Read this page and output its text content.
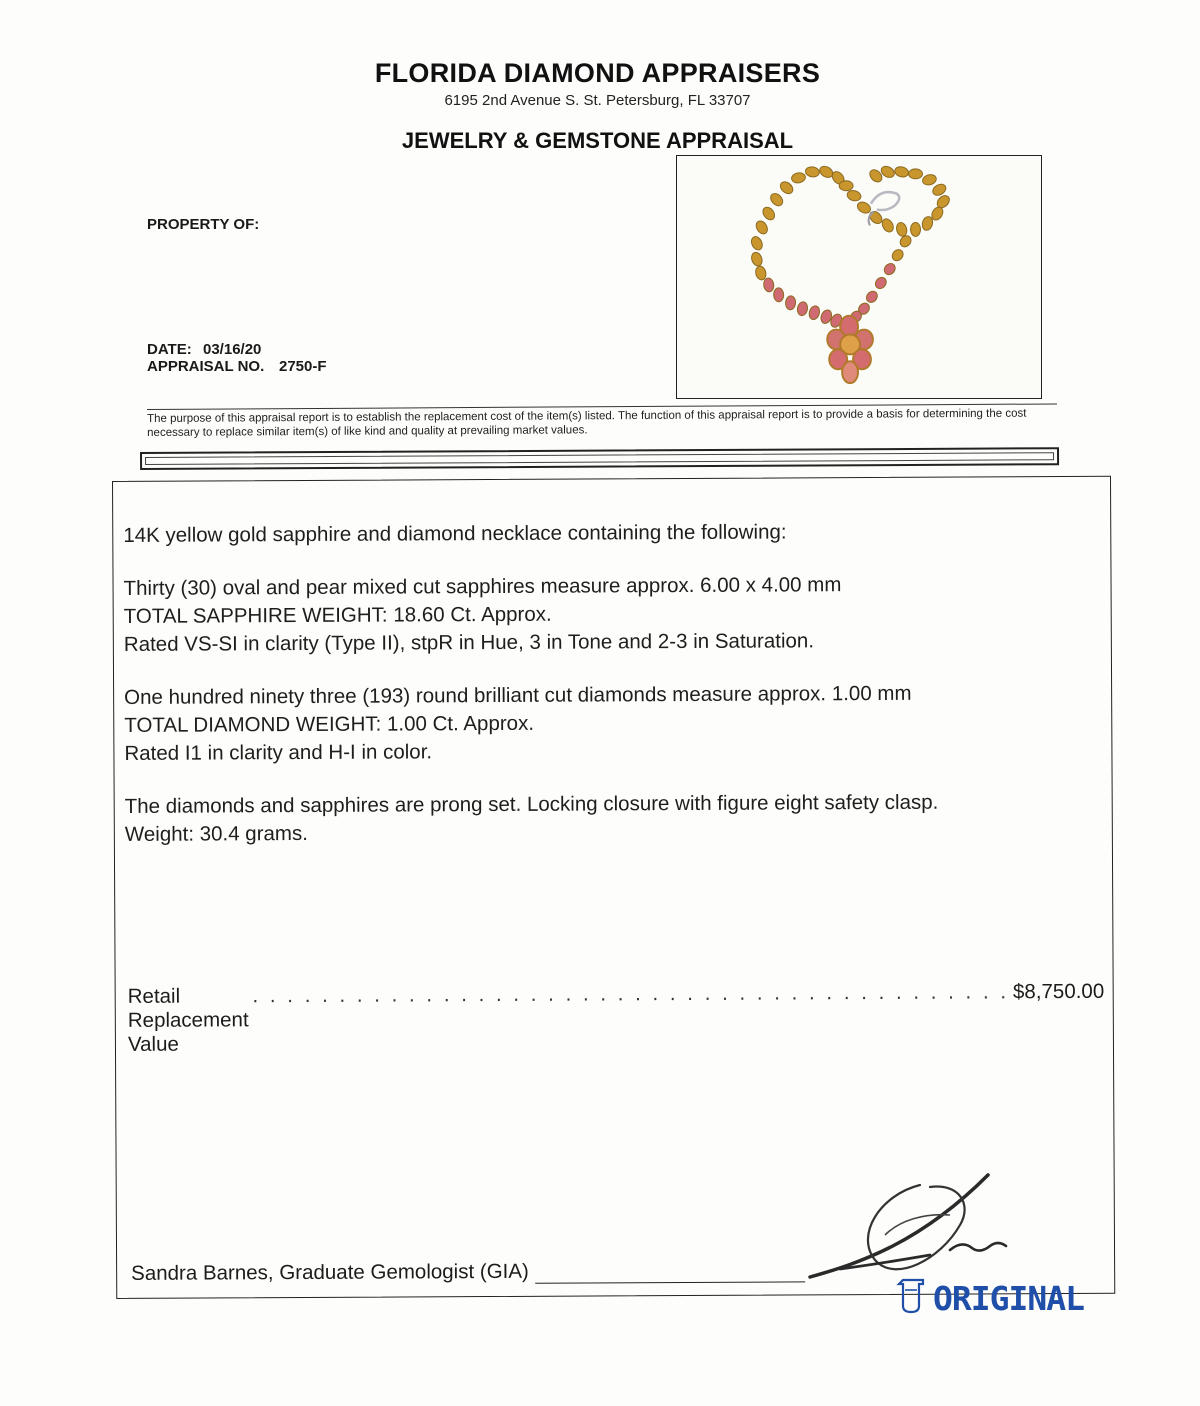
FLORIDA DIAMOND APPRAISERS
6195 2nd Avenue S. St. Petersburg, FL 33707
JEWELRY & GEMSTONE APPRAISAL
PROPERTY OF:
DATE: 03/16/20
APPRAISAL NO. 2750-F
The purpose of this appraisal report is to establish the replacement cost of the item(s) listed. The function of this appraisal report is to provide a basis for determining the cost necessary to replace similar item(s) of like kind and quality at prevailing market values.

14K yellow gold sapphire and diamond necklace containing the following:

Thirty (30) oval and pear mixed cut sapphires measure approx. 6.00 x 4.00 mm

TOTAL SAPPHIRE WEIGHT: 18.60 Ct. Approx.

Rated VS-SI in clarity (Type II), stpR in Hue, 3 in Tone and 2-3 in Saturation.

One hundred ninety three (193) round brilliant cut diamonds measure approx. 1.00 mm

TOTAL DIAMOND WEIGHT: 1.00 Ct. Approx.

Rated I1 in clarity and H-I in color.

The diamonds and sapphires are prong set. Locking closure with figure eight safety clasp.

Weight: 30.4 grams.

Retail Replacement Value
. . . . . . . . . . . . . . . . . . . . . . . . . . . . . . . . . . . . . . . . . . . . $8,750.00
Sandra Barnes, Graduate Gemologist (GIA)
ORIGINAL
